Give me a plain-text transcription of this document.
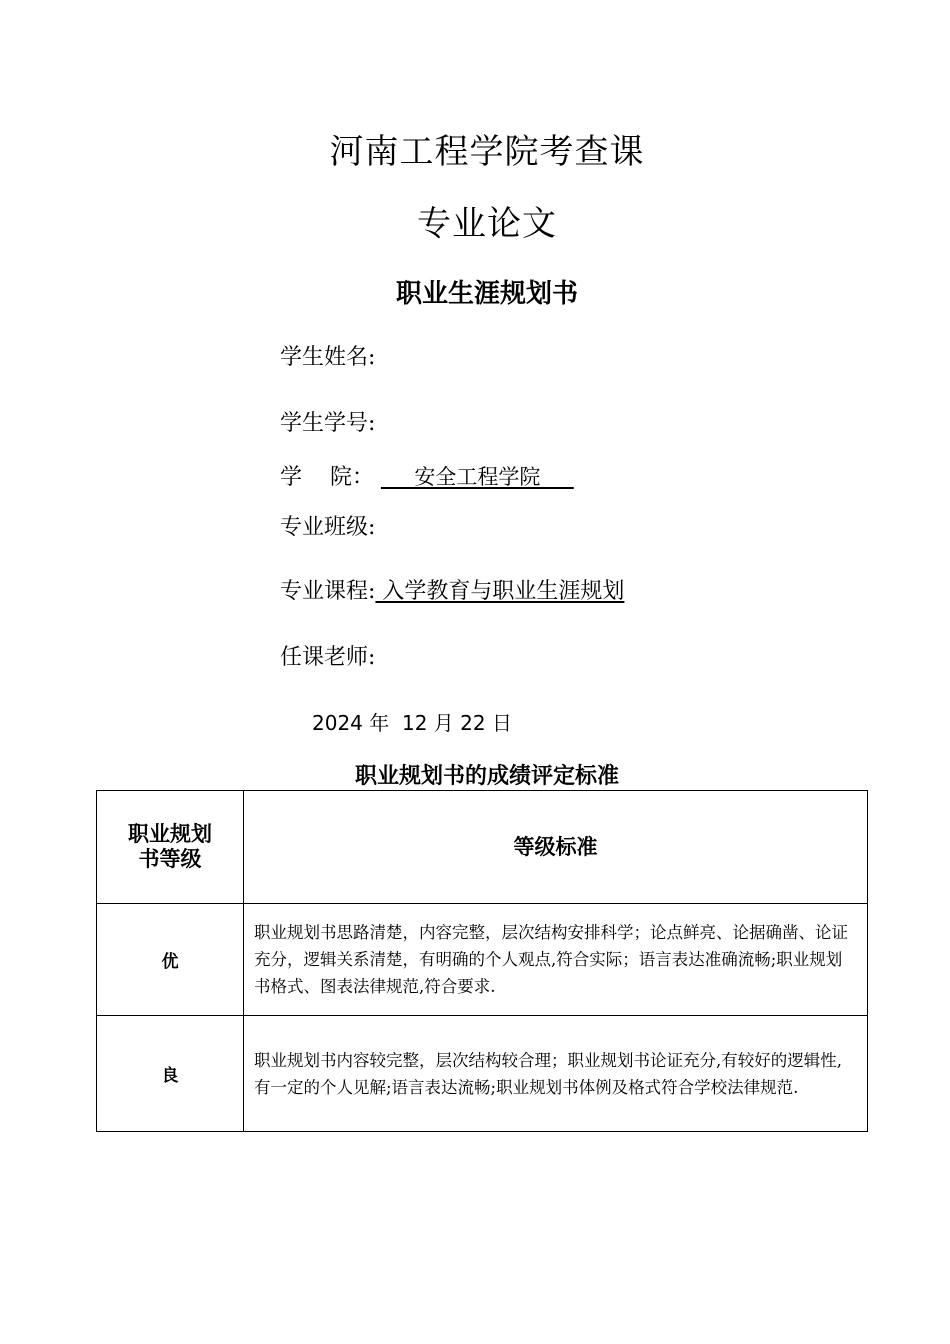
河南工程学院考查课
专业论文
职业生涯规划书
学生姓名:
学生学号:
学    院：      安全工程学院
专业班级:
专业课程: 入学教育与职业生涯规划
任课老师:
2024 年 12 月 22 日
职业规划书的成绩评定标准
职业规划书等级	等级标准
优	职业规划书思路清楚，内容完整，层次结构安排科学；论点鲜亮、论据确凿、论证充分，逻辑关系清楚，有明确的个人观点,符合实际；语言表达准确流畅;职业规划书格式、图表法律规范,符合要求.
良	职业规划书内容较完整，层次结构较合理；职业规划书论证充分,有较好的逻辑性,有一定的个人见解;语言表达流畅;职业规划书体例及格式符合学校法律规范.
